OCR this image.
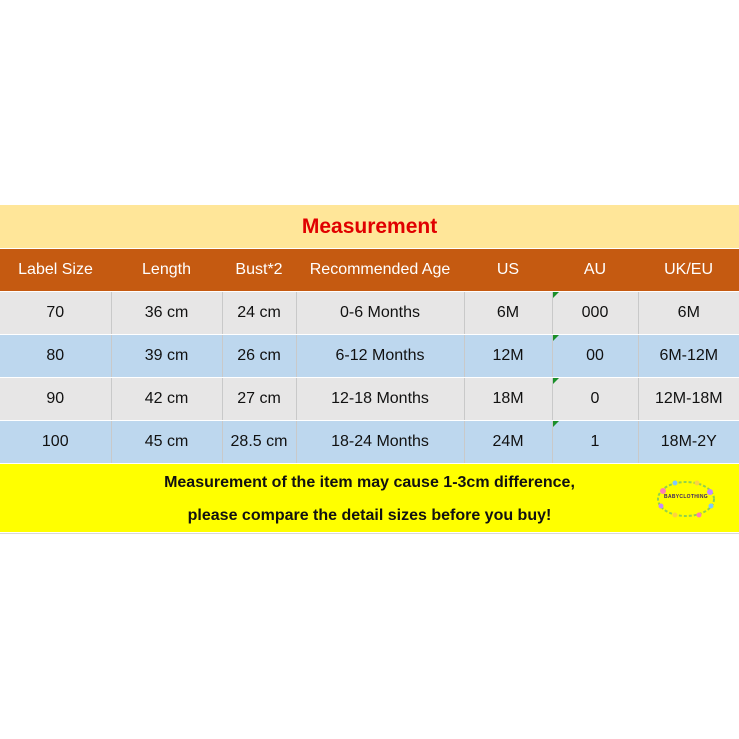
Measurement						
Label Size	Length	Bust*2	Recommended Age	US	AU	UK/EU
70	36 cm	24 cm	0-6 Months	6M	000	6M
80	39 cm	26 cm	6-12 Months	12M	00	6M-12M
90	42 cm	27 cm	12-18 Months	18M	0	12M-18M
100	45 cm	28.5 cm	18-24 Months	24M	1	18M-2Y

Measurement of the item may cause 1-3cm difference,
please compare the detail sizes before you buy!
BABYCLOTHING						
